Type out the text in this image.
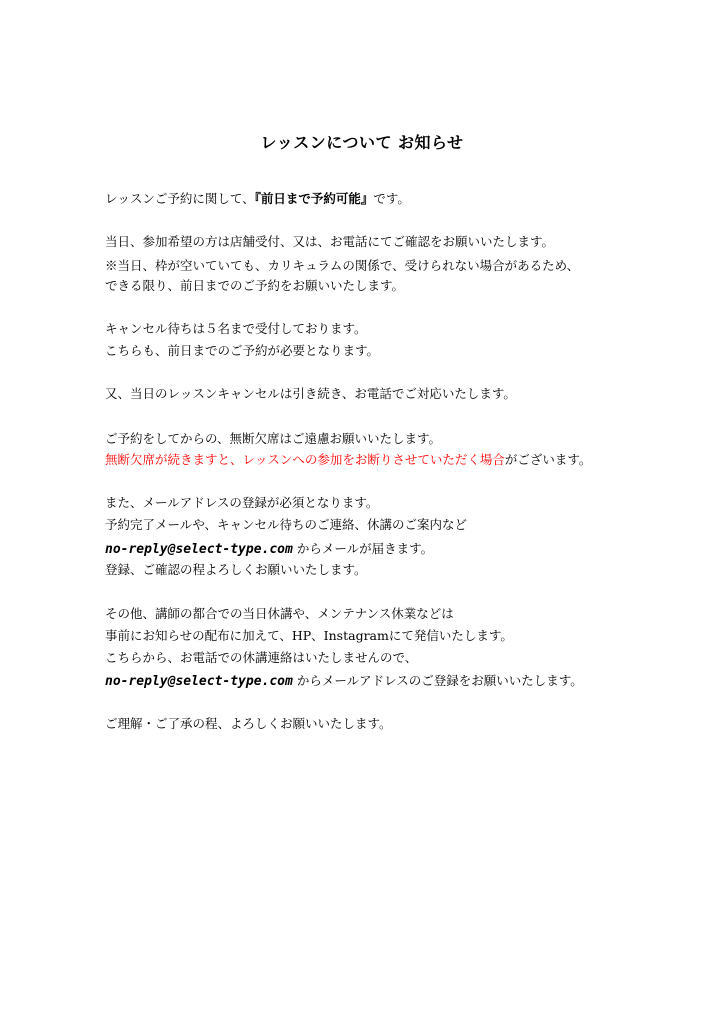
レッスンについて お知らせ
レッスンご予約に関して、『前日まで予約可能』です。
当日、参加希望の方は店舗受付、又は、お電話にてご確認をお願いいたします。
※当日、枠が空いていても、カリキュラムの関係で、受けられない場合があるため、
できる限り、前日までのご予約をお願いいたします。
キャンセル待ちは５名まで受付しております。
こちらも、前日までのご予約が必要となります。
又、当日のレッスンキャンセルは引き続き、お電話でご対応いたします。
ご予約をしてからの、無断欠席はご遠慮お願いいたします。
無断欠席が続きますと、レッスンへの参加をお断りさせていただく場合がございます。
また、メールアドレスの登録が必須となります。
予約完了メールや、キャンセル待ちのご連絡、休講のご案内など
no-reply@select-type.com からメールが届きます。
登録、ご確認の程よろしくお願いいたします。
その他、講師の都合での当日休講や、メンテナンス休業などは
事前にお知らせの配布に加えて、HP、Instagramにて発信いたします。
こちらから、お電話での休講連絡はいたしませんので、
no-reply@select-type.com からメールアドレスのご登録をお願いいたします。
ご理解・ご了承の程、よろしくお願いいたします。
